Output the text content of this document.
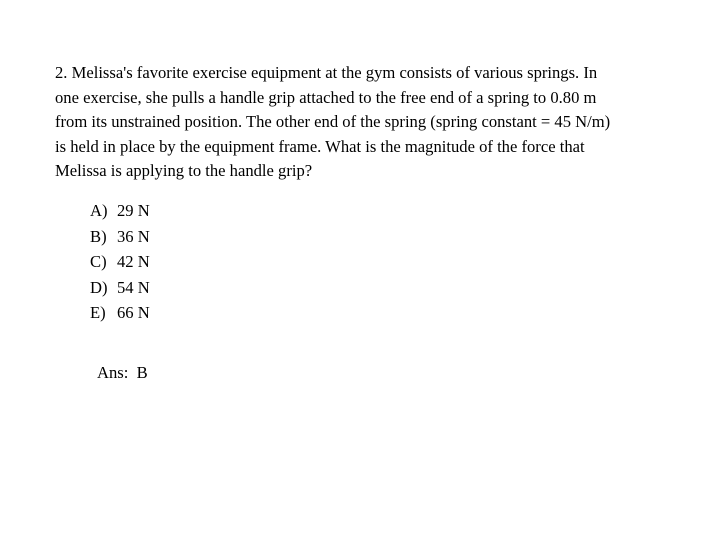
2. Melissa's favorite exercise equipment at the gym consists of various springs. In
one exercise, she pulls a handle grip attached to the free end of a spring to 0.80 m
from its unstrained position. The other end of the spring (spring constant = 45 N/m)
is held in place by the equipment frame. What is the magnitude of the force that
Melissa is applying to the handle grip?

A) 29 N
B) 36 N
C) 42 N
D) 54 N
E) 66 N
Ans:  B
